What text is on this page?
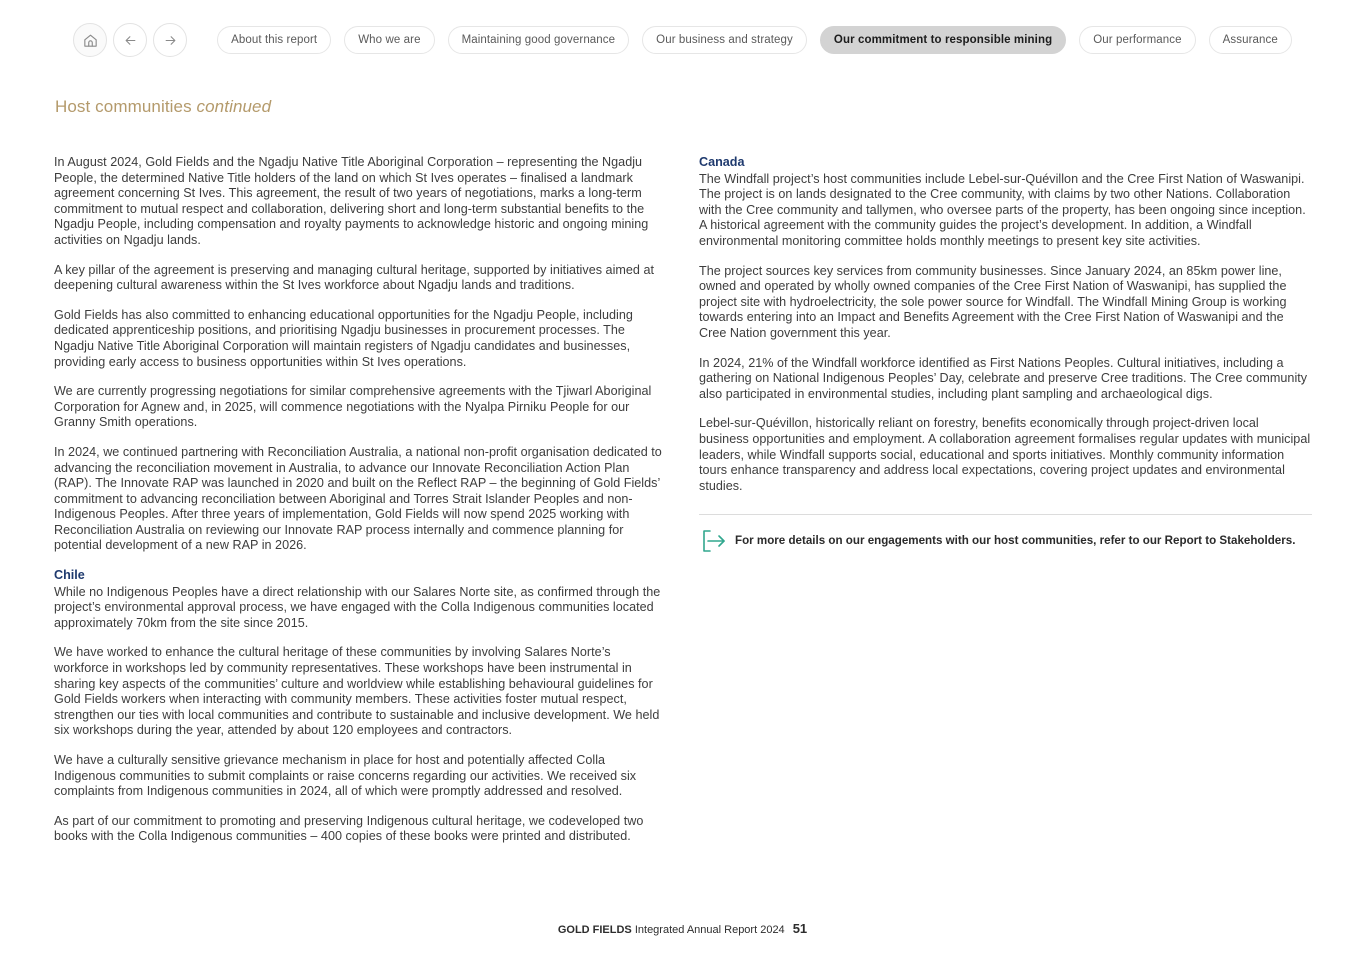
About this report	Who we are	Maintaining good governance	Our business and strategy	Our commitment to responsible mining	Our performance	Assurance
Host communities continued

In August 2024, Gold Fields and the Ngadju Native Title Aboriginal Corporation – representing the Ngadju People, the determined Native Title holders of the land on which St Ives operates – finalised a landmark agreement concerning St Ives. This agreement, the result of two years of negotiations, marks a long-term commitment to mutual respect and collaboration, delivering short and long-term substantial benefits to the Ngadju People, including compensation and royalty payments to acknowledge historic and ongoing mining activities on Ngadju lands.

A key pillar of the agreement is preserving and managing cultural heritage, supported by initiatives aimed at deepening cultural awareness within the St Ives workforce about Ngadju lands and traditions.

Gold Fields has also committed to enhancing educational opportunities for the Ngadju People, including dedicated apprenticeship positions, and prioritising Ngadju businesses in procurement processes. The Ngadju Native Title Aboriginal Corporation will maintain registers of Ngadju candidates and businesses, providing early access to business opportunities within St Ives operations.

We are currently progressing negotiations for similar comprehensive agreements with the Tjiwarl Aboriginal Corporation for Agnew and, in 2025, will commence negotiations with the Nyalpa Pirniku People for our Granny Smith operations.

In 2024, we continued partnering with Reconciliation Australia, a national non-profit organisation dedicated to advancing the reconciliation movement in Australia, to advance our Innovate Reconciliation Action Plan (RAP). The Innovate RAP was launched in 2020 and built on the Reflect RAP – the beginning of Gold Fields’ commitment to advancing reconciliation between Aboriginal and Torres Strait Islander Peoples and non-Indigenous Peoples. After three years of implementation, Gold Fields will now spend 2025 working with Reconciliation Australia on reviewing our Innovate RAP process internally and commence planning for potential development of a new RAP in 2026.

Chile

While no Indigenous Peoples have a direct relationship with our Salares Norte site, as confirmed through the project’s environmental approval process, we have engaged with the Colla Indigenous communities located approximately 70km from the site since 2015.

We have worked to enhance the cultural heritage of these communities by involving Salares Norte’s workforce in workshops led by community representatives. These workshops have been instrumental in sharing key aspects of the communities’ culture and worldview while establishing behavioural guidelines for Gold Fields workers when interacting with community members. These activities foster mutual respect, strengthen our ties with local communities and contribute to sustainable and inclusive development. We held six workshops during the year, attended by about 120 employees and contractors.

We have a culturally sensitive grievance mechanism in place for host and potentially affected Colla Indigenous communities to submit complaints or raise concerns regarding our activities. We received six complaints from Indigenous communities in 2024, all of which were promptly addressed and resolved.

As part of our commitment to promoting and preserving Indigenous cultural heritage, we codeveloped two books with the Colla Indigenous communities – 400 copies of these books were printed and distributed.

Canada

The Windfall project’s host communities include Lebel-sur-Quévillon and the Cree First Nation of Waswanipi. The project is on lands designated to the Cree community, with claims by two other Nations. Collaboration with the Cree community and tallymen, who oversee parts of the property, has been ongoing since inception. A historical agreement with the community guides the project’s development. In addition, a Windfall environmental monitoring committee holds monthly meetings to present key site activities.

The project sources key services from community businesses. Since January 2024, an 85km power line, owned and operated by wholly owned companies of the Cree First Nation of Waswanipi, has supplied the project site with hydroelectricity, the sole power source for Windfall. The Windfall Mining Group is working towards entering into an Impact and Benefits Agreement with the Cree First Nation of Waswanipi and the Cree Nation government this year.

In 2024, 21% of the Windfall workforce identified as First Nations Peoples. Cultural initiatives, including a gathering on National Indigenous Peoples’ Day, celebrate and preserve Cree traditions. The Cree community also participated in environmental studies, including plant sampling and archaeological digs.

Lebel-sur-Quévillon, historically reliant on forestry, benefits economically through project-driven local business opportunities and employment. A collaboration agreement formalises regular updates with municipal leaders, while Windfall supports social, educational and sports initiatives. Monthly community information tours enhance transparency and address local expectations, covering project updates and environmental studies.

For more details on our engagements with our host communities, refer to our Report to Stakeholders.
GOLD FIELDS Integrated Annual Report 2024 51
